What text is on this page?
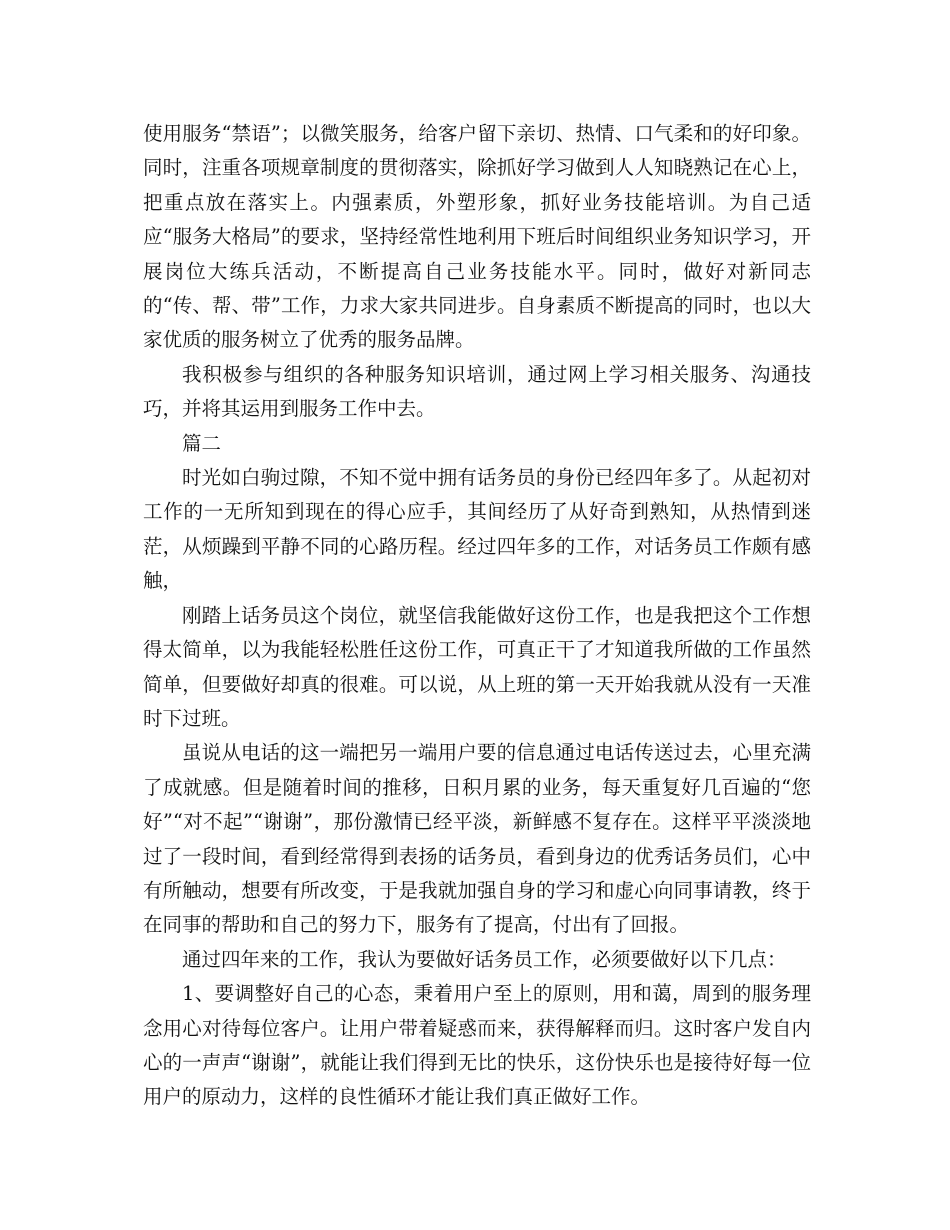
使用服务“禁语”；以微笑服务，给客户留下亲切、热情、口气柔和的好印象。同时，注重各项规章制度的贯彻落实，除抓好学习做到人人知晓熟记在心上，把重点放在落实上。内强素质，外塑形象，抓好业务技能培训。为自己适应“服务大格局”的要求，坚持经常性地利用下班后时间组织业务知识学习，开展岗位大练兵活动，不断提高自己业务技能水平。同时，做好对新同志的“传、帮、带”工作，力求大家共同进步。自身素质不断提高的同时，也以大家优质的服务树立了优秀的服务品牌。

我积极参与组织的各种服务知识培训，通过网上学习相关服务、沟通技巧，并将其运用到服务工作中去。

篇二

时光如白驹过隙，不知不觉中拥有话务员的身份已经四年多了。从起初对工作的一无所知到现在的得心应手，其间经历了从好奇到熟知，从热情到迷茫，从烦躁到平静不同的心路历程。经过四年多的工作，对话务员工作颇有感触，

刚踏上话务员这个岗位，就坚信我能做好这份工作，也是我把这个工作想得太简单，以为我能轻松胜任这份工作，可真正干了才知道我所做的工作虽然简单，但要做好却真的很难。可以说，从上班的第一天开始我就从没有一天准时下过班。

虽说从电话的这一端把另一端用户要的信息通过电话传送过去，心里充满了成就感。但是随着时间的推移，日积月累的业务，每天重复好几百遍的“您好”“对不起”“谢谢”，那份激情已经平淡，新鲜感不复存在。这样平平淡淡地过了一段时间，看到经常得到表扬的话务员，看到身边的优秀话务员们，心中有所触动，想要有所改变，于是我就加强自身的学习和虚心向同事请教，终于在同事的帮助和自己的努力下，服务有了提高，付出有了回报。

通过四年来的工作，我认为要做好话务员工作，必须要做好以下几点：

1、要调整好自己的心态，秉着用户至上的原则，用和蔼，周到的服务理念用心对待每位客户。让用户带着疑惑而来，获得解释而归。这时客户发自内心的一声声“谢谢”，就能让我们得到无比的快乐，这份快乐也是接待好每一位用户的原动力，这样的良性循环才能让我们真正做好工作。
